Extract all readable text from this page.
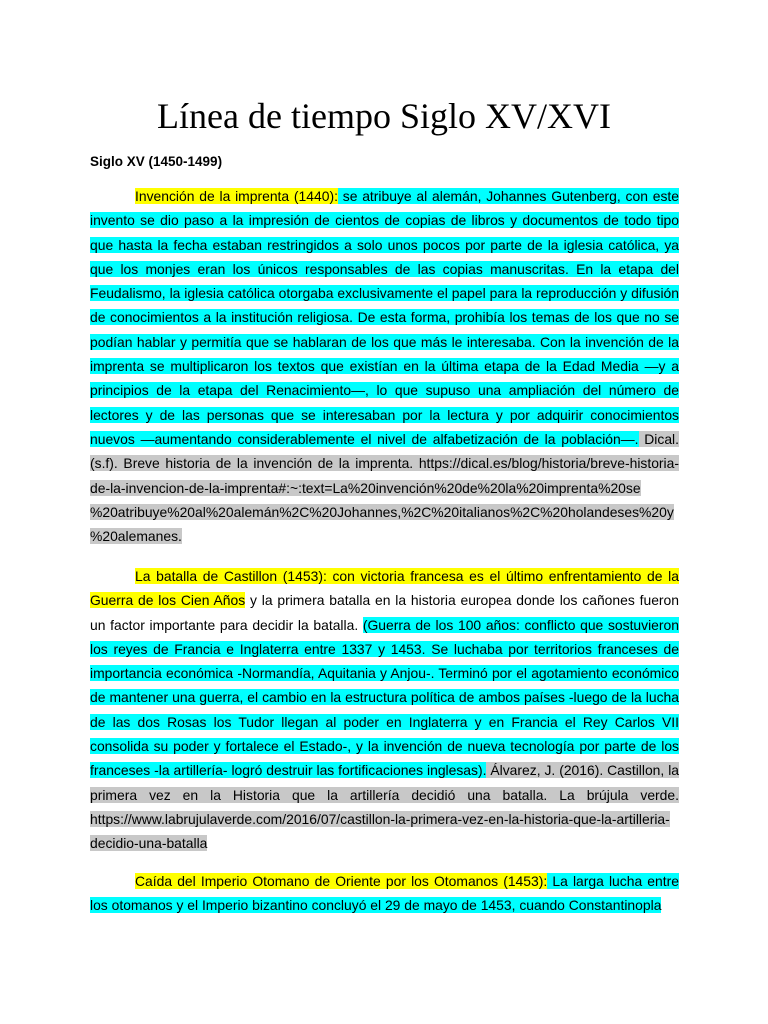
Línea de tiempo Siglo XV/XVI

Siglo XV (1450-1499)

Invención de la imprenta (1440): se atribuye al alemán, Johannes Gutenberg, con este invento se dio paso a la impresión de cientos de copias de libros y documentos de todo tipo que hasta la fecha estaban restringidos a solo unos pocos por parte de la iglesia católica, ya que los monjes eran los únicos responsables de las copias manuscritas. En la etapa del Feudalismo, la iglesia católica otorgaba exclusivamente el papel para la reproducción y difusión de conocimientos a la institución religiosa. De esta forma, prohibía los temas de los que no se podían hablar y permitía que se hablaran de los que más le interesaba. Con la invención de la imprenta se multiplicaron los textos que existían en la última etapa de la Edad Media —y a principios de la etapa del Renacimiento—, lo que supuso una ampliación del número de lectores y de las personas que se interesaban por la lectura y por adquirir conocimientos nuevos —aumentando considerablemente el nivel de alfabetización de la población—. Dical. (s.f). Breve historia de la invención de la imprenta. https://dical.es/blog/historia/breve-historia-de-la-invencion-de-la-imprenta#:~:text=La%20invención%20de%20la%20imprenta%20se %20atribuye%20al%20alemán%2C%20Johannes,%2C%20italianos%2C%20holandeses%20y %20alemanes.

La batalla de Castillon (1453): con victoria francesa es el último enfrentamiento de la Guerra de los Cien Años y la primera batalla en la historia europea donde los cañones fueron un factor importante para decidir la batalla. (Guerra de los 100 años: conflicto que sostuvieron los reyes de Francia e Inglaterra entre 1337 y 1453. Se luchaba por territorios franceses de importancia económica -Normandía, Aquitania y Anjou-. Terminó por el agotamiento económico de mantener una guerra, el cambio en la estructura política de ambos países -luego de la lucha de las dos Rosas los Tudor llegan al poder en Inglaterra y en Francia el Rey Carlos VII consolida su poder y fortalece el Estado-, y la invención de nueva tecnología por parte de los franceses -la artillería- logró destruir las fortificaciones inglesas). Álvarez, J. (2016). Castillon, la primera vez en la Historia que la artillería decidió una batalla. La brújula verde. https://www.labrujulaverde.com/2016/07/castillon-la-primera-vez-en-la-historia-que-la-artilleria-decidio-una-batalla

Caída del Imperio Otomano de Oriente por los Otomanos (1453): La larga lucha entre los otomanos y el Imperio bizantino concluyó el 29 de mayo de 1453, cuando Constantinopla
